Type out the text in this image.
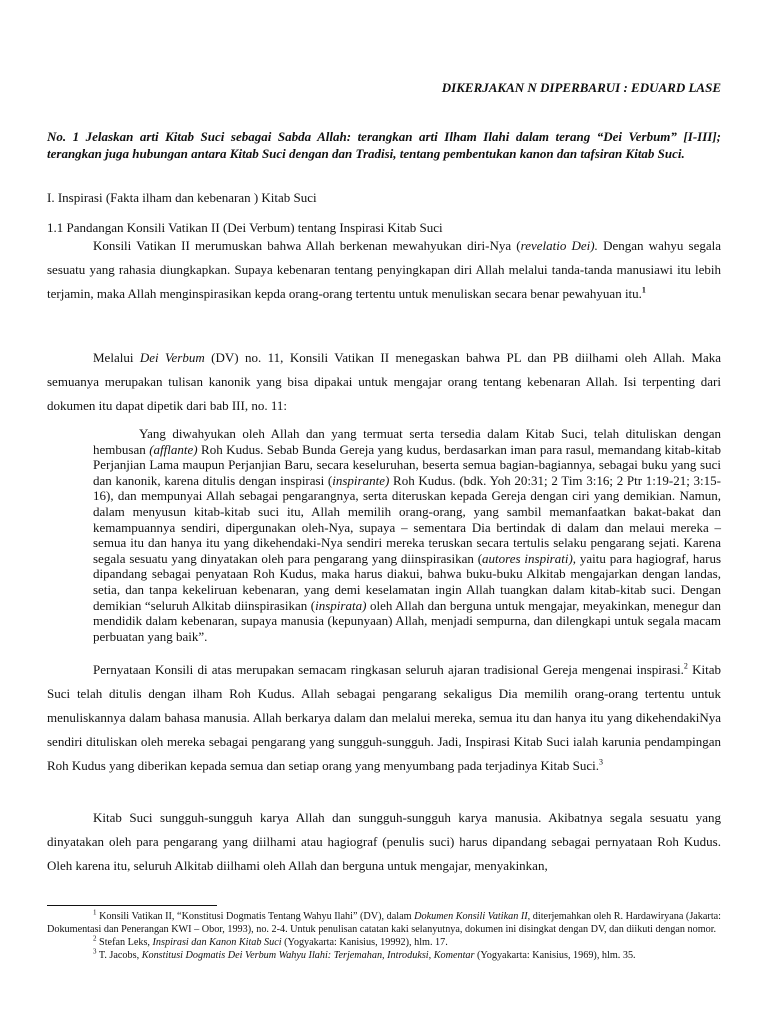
DIKERJAKAN N DIPERBARUI : EDUARD LASE
No. 1 Jelaskan arti Kitab Suci sebagai Sabda Allah: terangkan arti Ilham Ilahi dalam terang “Dei Verbum” [I-III]; terangkan juga hubungan antara Kitab Suci dengan dan Tradisi, tentang pembentukan kanon dan tafsiran Kitab Suci.
I. Inspirasi (Fakta ilham dan kebenaran ) Kitab Suci
1.1 Pandangan Konsili Vatikan II (Dei Verbum) tentang Inspirasi Kitab Suci

Konsili Vatikan II merumuskan bahwa Allah berkenan mewahyukan diri-Nya (revelatio Dei). Dengan wahyu segala sesuatu yang rahasia diungkapkan. Supaya kebenaran tentang penyingkapan diri Allah melalui tanda-tanda manusiawi itu lebih terjamin, maka Allah menginspirasikan kepda orang-orang tertentu untuk menuliskan secara benar pewahyuan itu.$^1$

Melalui Dei Verbum (DV) no. 11, Konsili Vatikan II menegaskan bahwa PL dan PB diilhami oleh Allah. Maka semuanya merupakan tulisan kanonik yang bisa dipakai untuk mengajar orang tentang kebenaran Allah. Isi terpenting dari dokumen itu dapat dipetik dari bab III, no. 11:

Yang diwahyukan oleh Allah dan yang termuat serta tersedia dalam Kitab Suci, telah dituliskan dengan hembusan (afflante) Roh Kudus. Sebab Bunda Gereja yang kudus, berdasarkan iman para rasul, memandang kitab-kitab Perjanjian Lama maupun Perjanjian Baru, secara keseluruhan, beserta semua bagian-bagiannya, sebagai buku yang suci dan kanonik, karena ditulis dengan inspirasi (inspirante) Roh Kudus. (bdk. Yoh 20:31; 2 Tim 3:16; 2 Ptr 1:19-21; 3:15-16), dan mempunyai Allah sebagai pengarangnya, serta diteruskan kepada Gereja dengan ciri yang demikian. Namun, dalam menyusun kitab-kitab suci itu, Allah memilih orang-orang, yang sambil memanfaatkan bakat-bakat dan kemampuannya sendiri, dipergunakan oleh-Nya, supaya – sementara Dia bertindak di dalam dan melaui mereka – semua itu dan hanya itu yang dikehendaki-Nya sendiri mereka teruskan secara tertulis selaku pengarang sejati. Karena segala sesuatu yang dinyatakan oleh para pengarang yang diinspirasikan (autores inspirati), yaitu para hagiograf, harus dipandang sebagai penyataan Roh Kudus, maka harus diakui, bahwa buku-buku Alkitab mengajarkan dengan landas, setia, dan tanpa kekeliruan kebenaran, yang demi keselamatan ingin Allah tuangkan dalam kitab-kitab suci. Dengan demikian “seluruh Alkitab diinspirasikan (inspirata) oleh Allah dan berguna untuk mengajar, meyakinkan, menegur dan mendidik dalam kebenaran, supaya manusia (kepunyaan) Allah, menjadi sempurna, dan dilengkapi untuk segala macam perbuatan yang baik”.

Pernyataan Konsili di atas merupakan semacam ringkasan seluruh ajaran tradisional Gereja mengenai inspirasi.$^2$ Kitab Suci telah ditulis dengan ilham Roh Kudus. Allah sebagai pengarang sekaligus Dia memilih orang-orang tertentu untuk menuliskannya dalam bahasa manusia. Allah berkarya dalam dan melalui mereka, semua itu dan hanya itu yang dikehendakiNya sendiri dituliskan oleh mereka sebagai pengarang yang sungguh-sungguh. Jadi, Inspirasi Kitab Suci ialah karunia pendampingan Roh Kudus yang diberikan kepada semua dan setiap orang yang menyumbang pada terjadinya Kitab Suci.$^3$

Kitab Suci sungguh-sungguh karya Allah dan sungguh-sungguh karya manusia. Akibatnya segala sesuatu yang dinyatakan oleh para pengarang yang diilhami atau hagiograf (penulis suci) harus dipandang sebagai pernyataan Roh Kudus. Oleh karena itu, seluruh Alkitab diilhami oleh Allah dan berguna untuk mengajar, menyakinkan,

$^1$ Konsili Vatikan II, “Konstitusi Dogmatis Tentang Wahyu Ilahi” (DV), dalam Dokumen Konsili Vatikan II, diterjemahkan oleh R. Hardawiryana (Jakarta: Dokumentasi dan Penerangan KWI – Obor, 1993), no. 2-4. Untuk penulisan catatan kaki selanyutnya, dokumen ini disingkat dengan DV, dan diikuti dengan nomor.

$^2$ Stefan Leks, Inspirasi dan Kanon Kitab Suci (Yogyakarta: Kanisius, 19992), hlm. 17.

$^3$ T. Jacobs, Konstitusi Dogmatis Dei Verbum Wahyu Ilahi: Terjemahan, Introduksi, Komentar (Yogyakarta: Kanisius, 1969), hlm. 35.
